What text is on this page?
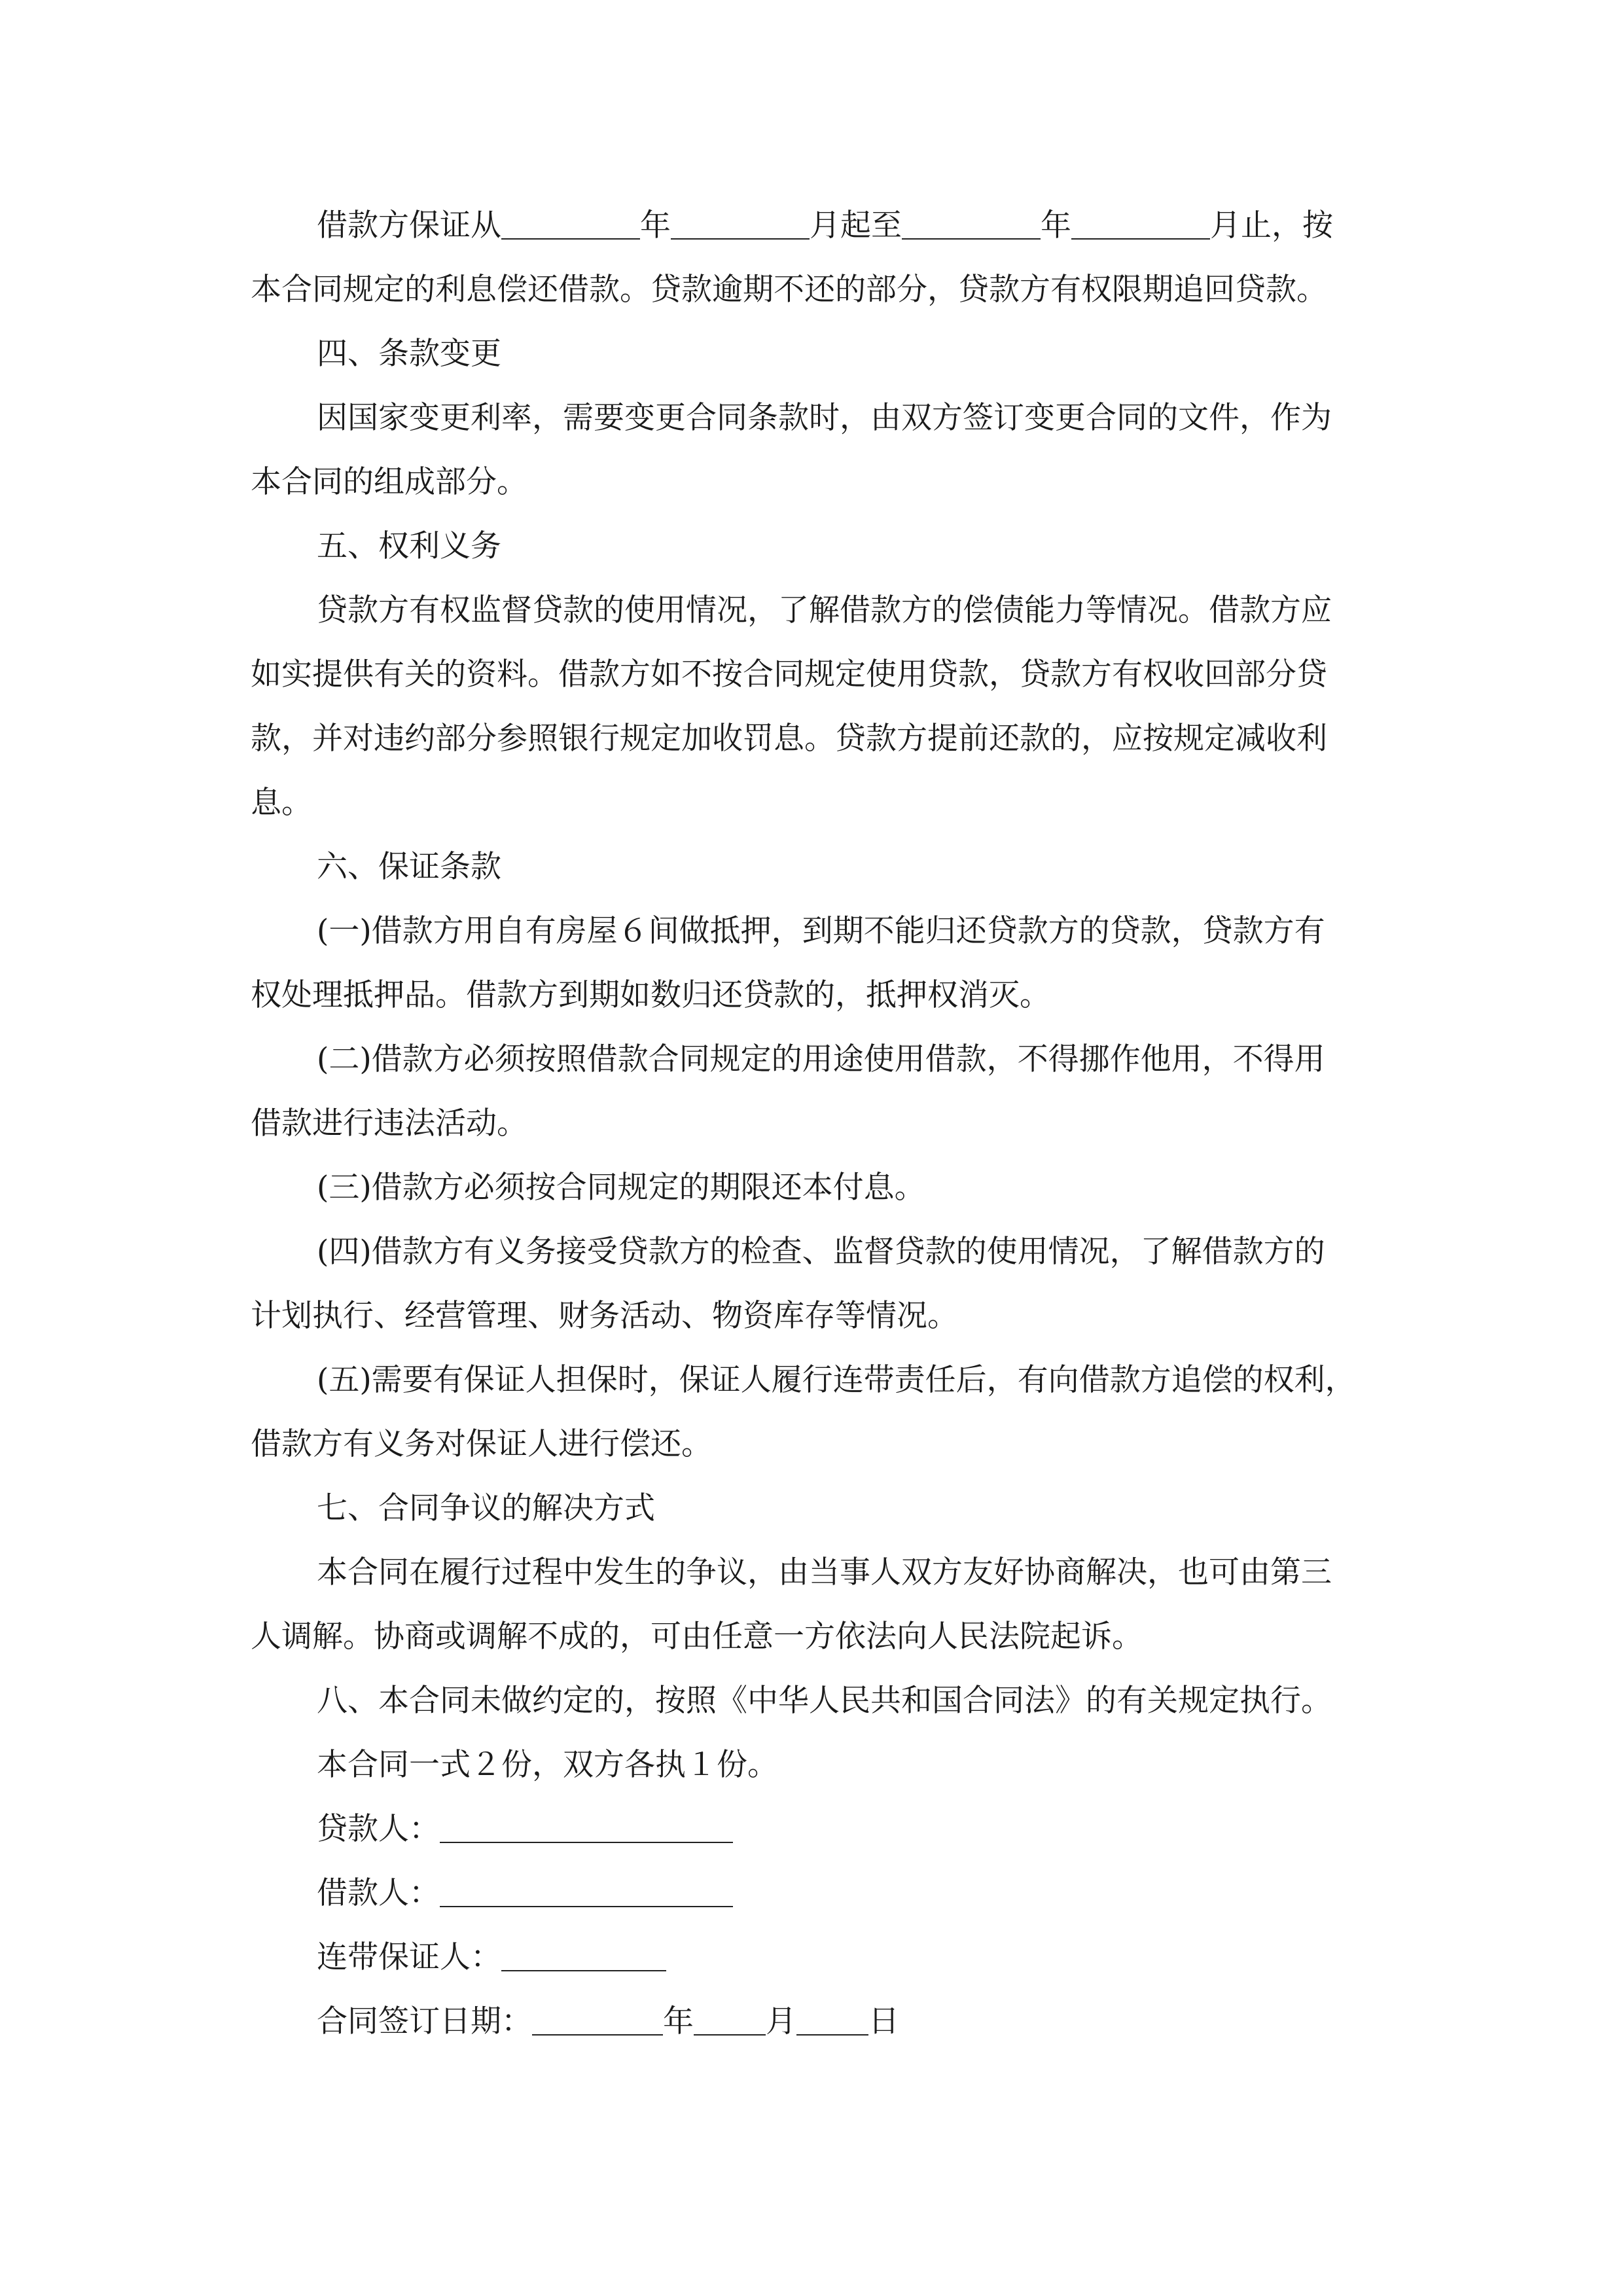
借款方保证从	年	月起至	年	月止，按
本合同规定的利息偿还借款。贷款逾期不还的部分，贷款方有权限期追回贷款。
四、条款变更
因国家变更利率，需要变更合同条款时，由双方签订变更合同的文件，作为
本合同的组成部分。
五、权利义务
贷款方有权监督贷款的使用情况，了解借款方的偿债能力等情况。借款方应
如实提供有关的资料。借款方如不按合同规定使用贷款，贷款方有权收回部分贷
款，并对违约部分参照银行规定加收罚息。贷款方提前还款的，应按规定减收利
息。
六、保证条款
(一)借款方用自有房屋６间做抵押，到期不能归还贷款方的贷款，贷款方有
权处理抵押品。借款方到期如数归还贷款的，抵押权消灭。
(二)借款方必须按照借款合同规定的用途使用借款，不得挪作他用，不得用
借款进行违法活动。
(三)借款方必须按合同规定的期限还本付息。
(四)借款方有义务接受贷款方的检查、监督贷款的使用情况，了解借款方的
计划执行、经营管理、财务活动、物资库存等情况。
(五)需要有保证人担保时，保证人履行连带责任后，有向借款方追偿的权利，
借款方有义务对保证人进行偿还。
七、合同争议的解决方式
本合同在履行过程中发生的争议，由当事人双方友好协商解决，也可由第三
人调解。协商或调解不成的，可由任意一方依法向人民法院起诉。
八、本合同未做约定的，按照《中华人民共和国合同法》的有关规定执行。
本合同一式２份，双方各执１份。
贷款人：
借款人：
连带保证人：
合同签订日期：	年 月 日
